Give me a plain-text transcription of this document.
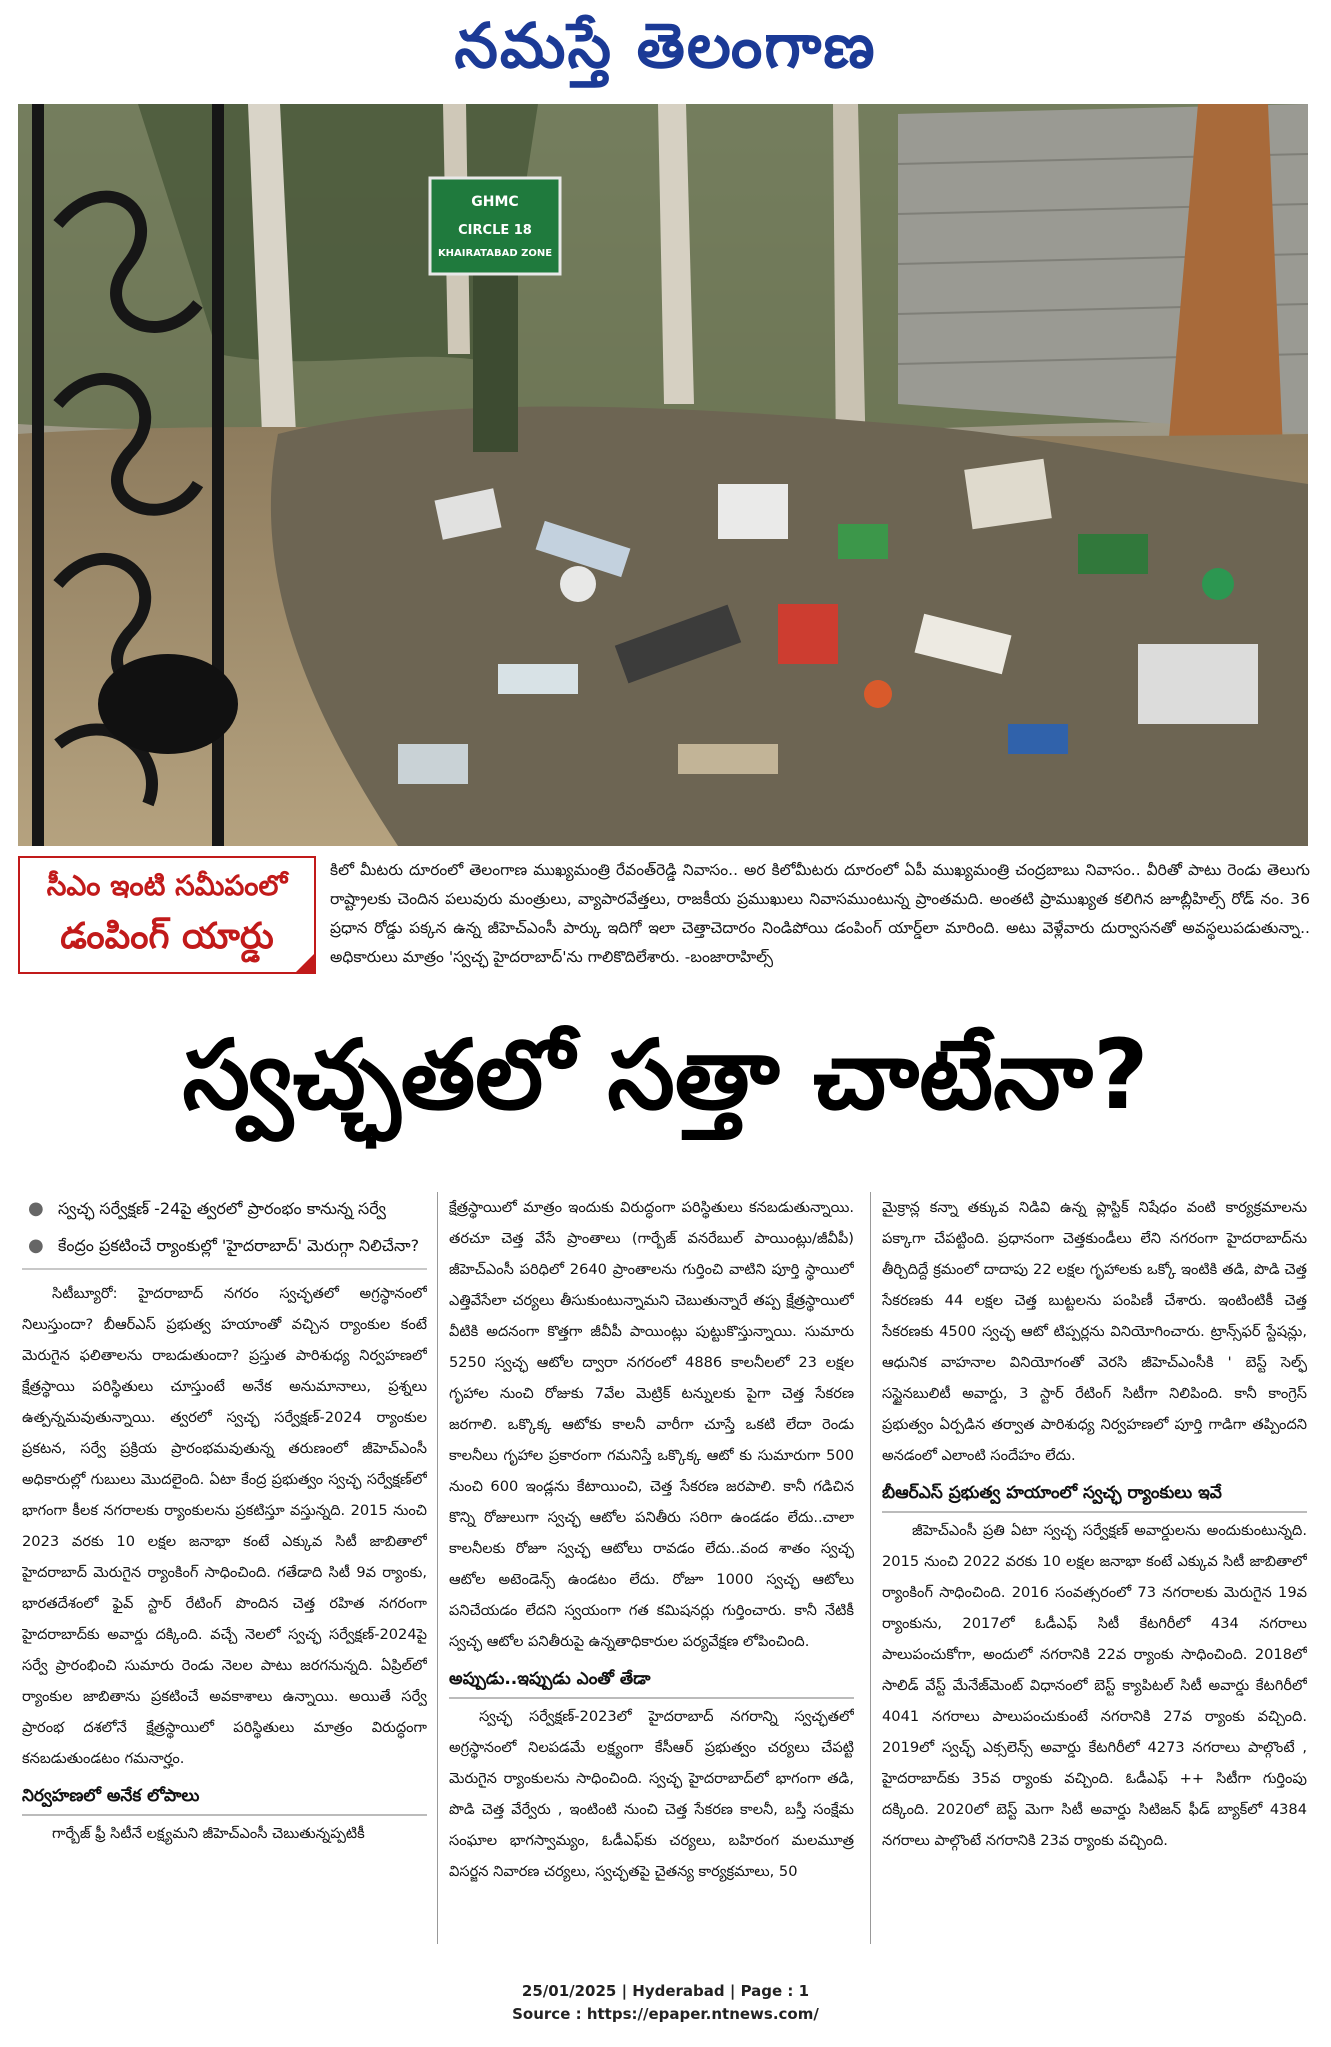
నమస్తే తెలంగాణ
GHMC
CIRCLE 18
KHAIRATABAD ZONE
సీఎం ఇంటి సమీపంలో
డంపింగ్ యార్డు
కిలో మీటరు దూరంలో తెలంగాణ ముఖ్యమంత్రి రేవంత్‌రెడ్డి నివాసం.. అర కిలోమీటరు దూరంలో ఏపీ ముఖ్యమంత్రి చంద్రబాబు నివాసం.. వీరితో పాటు రెండు తెలుగు రాష్ట్రాలకు చెందిన పలువురు మంత్రులు, వ్యాపారవేత్తలు, రాజకీయ ప్రముఖులు నివాసముంటున్న ప్రాంతమది. అంతటి ప్రాముఖ్యత కలిగిన జూబ్లీహిల్స్ రోడ్ నం. 36 ప్రధాన రోడ్డు పక్కన ఉన్న జీహెచ్‌ఎంసీ పార్కు ఇదిగో ఇలా చెత్తాచెదారం నిండిపోయి డంపింగ్ యార్డ్‌లా మారింది. అటు వెళ్లేవారు దుర్వాసనతో అవస్థలుపడుతున్నా.. అధికారులు మాత్రం 'స్వచ్ఛ హైదరాబాద్'ను గాలికొదిలేశారు. -బంజారాహిల్స్
స్వచ్ఛతలో సత్తా చాటేనా?
● స్వచ్ఛ సర్వేక్షణ్ -24పై త్వరలో ప్రారంభం కానున్న సర్వే
● కేంద్రం ప్రకటించే ర్యాంకుల్లో 'హైదరాబాద్' మెరుగ్గా నిలిచేనా?

సిటీబ్యూరో: హైదరాబాద్ నగరం స్వచ్ఛతలో అగ్రస్థానంలో నిలుస్తుందా? బీఆర్‌ఎస్ ప్రభుత్వ హయాంతో వచ్చిన ర్యాంకుల కంటే మెరుగైన ఫలితాలను రాబడుతుందా? ప్రస్తుత పారిశుధ్య నిర్వహణలో క్షేత్రస్థాయి పరిస్థితులు చూస్తుంటే అనేక అనుమానాలు, ప్రశ్నలు ఉత్పన్నమవుతున్నాయి. త్వరలో స్వచ్ఛ సర్వేక్షణ్-2024 ర్యాంకుల ప్రకటన, సర్వే ప్రక్రియ ప్రారంభమవుతున్న తరుణంలో జీహెచ్‌ఎంసీ అధికారుల్లో గుబులు మొదలైంది. ఏటా కేంద్ర ప్రభుత్వం స్వచ్ఛ సర్వేక్షణ్‌లో భాగంగా కీలక నగరాలకు ర్యాంకులను ప్రకటిస్తూ వస్తున్నది. 2015 నుంచి 2023 వరకు 10 లక్షల జనాభా కంటే ఎక్కువ సిటీ జాబితాలో హైదరాబాద్ మెరుగైన ర్యాంకింగ్ సాధించింది. గతేడాది సిటీ 9వ ర్యాంకు, భారతదేశంలో ఫైవ్ స్టార్ రేటింగ్ పొందిన చెత్త రహిత నగరంగా హైదరాబాద్‌కు అవార్డు దక్కింది. వచ్చే నెలలో స్వచ్ఛ సర్వేక్షణ్-2024పై సర్వే ప్రారంభించి సుమారు రెండు నెలల పాటు జరగనున్నది. ఏప్రిల్‌లో ర్యాంకుల జాబితాను ప్రకటించే అవకాశాలు ఉన్నాయి. అయితే సర్వే ప్రారంభ దశలోనే క్షేత్రస్థాయిలో పరిస్థితులు మాత్రం విరుద్ధంగా కనబడుతుండటం గమనార్హం.

నిర్వహణలో అనేక లోపాలు

గార్బేజ్ ఫ్రీ సిటీనే లక్ష్యమని జీహెచ్‌ఎంసీ చెబుతున్నప్పటికీ

క్షేత్రస్థాయిలో మాత్రం ఇందుకు విరుద్ధంగా పరిస్థితులు కనబడుతున్నాయి. తరచూ చెత్త వేసే ప్రాంతాలు (గార్బేజ్ వనరేబుల్ పాయింట్లు/జీవీపీ) జీహెచ్‌ఎంసీ పరిధిలో 2640 ప్రాంతాలను గుర్తించి వాటిని పూర్తి స్థాయిలో ఎత్తివేసేలా చర్యలు తీసుకుంటున్నామని చెబుతున్నారే తప్ప క్షేత్రస్థాయిలో వీటికి అదనంగా కొత్తగా జీవీపీ పాయింట్లు పుట్టుకొస్తున్నాయి. సుమారు 5250 స్వచ్ఛ ఆటోల ద్వారా నగరంలో 4886 కాలనీలలో 23 లక్షల గృహాల నుంచి రోజుకు 7వేల మెట్రిక్ టన్నులకు పైగా చెత్త సేకరణ జరగాలి. ఒక్కొక్క ఆటోకు కాలనీ వారీగా చూస్తే ఒకటి లేదా రెండు కాలనీలు గృహాల ప్రకారంగా గమనిస్తే ఒక్కొక్క ఆటో కు సుమారుగా 500 నుంచి 600 ఇండ్లను కేటాయించి, చెత్త సేకరణ జరపాలి. కానీ గడిచిన కొన్ని రోజులుగా స్వచ్ఛ ఆటోల పనితీరు సరిగా ఉండడం లేదు..చాలా కాలనీలకు రోజూ స్వచ్ఛ ఆటోలు రావడం లేదు..వంద శాతం స్వచ్ఛ ఆటోల అటెండెన్స్ ఉండటం లేదు. రోజూ 1000 స్వచ్ఛ ఆటోలు పనిచేయడం లేదని స్వయంగా గత కమిషనర్లు గుర్తించారు. కానీ నేటికీ స్వచ్ఛ ఆటోల పనితీరుపై ఉన్నతాధికారుల పర్యవేక్షణ లోపించింది.

అప్పుడు..ఇప్పుడు ఎంతో తేడా

స్వచ్ఛ సర్వేక్షణ్-2023లో హైదరాబాద్ నగరాన్ని స్వచ్ఛతలో అగ్రస్థానంలో నిలపడమే లక్ష్యంగా కేసీఆర్ ప్రభుత్వం చర్యలు చేపట్టి మెరుగైన ర్యాంకులను సాధించింది. స్వచ్ఛ హైదరాబాద్‌లో భాగంగా తడి, పొడి చెత్త వేర్వేరు , ఇంటింటి నుంచి చెత్త సేకరణ కాలనీ, బస్తీ సంక్షేమ సంఘాల భాగస్వామ్యం, ఓడీఎఫ్‌కు చర్యలు, బహిరంగ మలమూత్ర విసర్జన నివారణ చర్యలు, స్వచ్ఛతపై చైతన్య కార్యక్రమాలు, 50

మైక్రాన్ల కన్నా తక్కువ నిడివి ఉన్న ప్లాస్టిక్ నిషేధం వంటి కార్యక్రమాలను పక్కాగా చేపట్టింది. ప్రధానంగా చెత్తకుండీలు లేని నగరంగా హైదరాబాద్‌ను తీర్చిదిద్దే క్రమంలో దాదాపు 22 లక్షల గృహాలకు ఒక్కో ఇంటికి తడి, పొడి చెత్త సేకరణకు 44 లక్షల చెత్త బుట్టలను పంపిణీ చేశారు. ఇంటింటికీ చెత్త సేకరణకు 4500 స్వచ్ఛ ఆటో టిప్పర్లను వినియోగించారు. ట్రాన్స్‌ఫర్ స్టేషన్లు, ఆధునిక వాహనాల వినియోగంతో వెరసి జీహెచ్‌ఎంసీకి ' బెస్ట్ సెల్ఫ్ సస్టైనబులిటీ అవార్డు, 3 స్టార్ రేటింగ్ సిటీగా నిలిపింది. కానీ కాంగ్రెస్ ప్రభుత్వం ఏర్పడిన తర్వాత పారిశుధ్య నిర్వహణలో పూర్తి గాడిగా తప్పిందని అనడంలో ఎలాంటి సందేహం లేదు.

బీఆర్‌ఎస్ ప్రభుత్వ హయాంలో స్వచ్ఛ ర్యాంకులు ఇవే

జీహెచ్‌ఎంసీ ప్రతి ఏటా స్వచ్ఛ సర్వేక్షణ్ అవార్డులను అందుకుంటున్నది. 2015 నుంచి 2022 వరకు 10 లక్షల జనాభా కంటే ఎక్కువ సిటీ జాబితాలో ర్యాంకింగ్ సాధించింది. 2016 సంవత్సరంలో 73 నగరాలకు మెరుగైన 19వ ర్యాంకును, 2017లో ఓడీఎఫ్ సిటీ కేటగిరీలో 434 నగరాలు పాలుపంచుకోగా, అందులో నగరానికి 22వ ర్యాంకు సాధించింది. 2018లో సాలిడ్ వేస్ట్ మేనేజ్‌మెంట్ విధానంలో బెస్ట్ క్యాపిటల్ సిటీ అవార్డు కేటగిరీలో 4041 నగరాలు పాలుపంచుకుంటే నగరానికి 27వ ర్యాంకు వచ్చింది. 2019లో స్వచ్ఛ్ ఎక్సలెన్స్ అవార్డు కేటగిరీలో 4273 నగరాలు పాల్గొంటే , హైదరాబాద్‌కు 35వ ర్యాంకు వచ్చింది. ఓడీఎఫ్ ++ సిటీగా గుర్తింపు దక్కింది. 2020లో బెస్ట్ మెగా సిటీ అవార్డు సిటిజన్ ఫీడ్ బ్యాక్‌లో 4384 నగరాలు పాల్గొంటే నగరానికి 23వ ర్యాంకు వచ్చింది.

25/01/2025 | Hyderabad | Page : 1
Source : https://epaper.ntnews.com/
